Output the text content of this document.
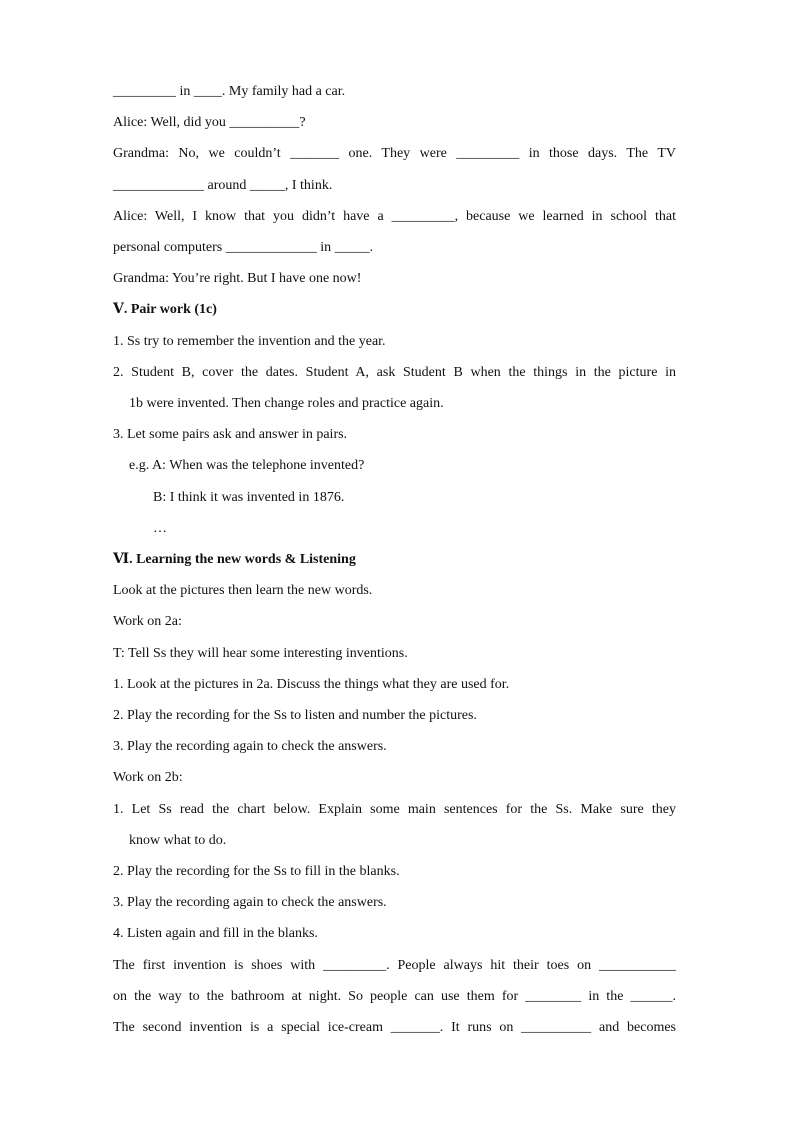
_________ in ____. My family had a car.
Alice: Well, did you __________?
Grandma: No, we couldn’t _______ one. They were _________ in those days. The TV
_____________ around _____, I think.
Alice: Well, I know that you didn’t have a _________, because we learned in school that
personal computers _____________ in _____.
Grandma: You’re right. But I have one now!
Ⅴ. Pair work (1c)
1. Ss try to remember the invention and the year.
2. Student B, cover the dates. Student A, ask Student B when the things in the picture in
1b were invented. Then change roles and practice again.
3. Let some pairs ask and answer in pairs.
e.g. A: When was the telephone invented?
B: I think it was invented in 1876.
…
Ⅵ. Learning the new words & Listening
Look at the pictures then learn the new words.
Work on 2a:
T: Tell Ss they will hear some interesting inventions.
1. Look at the pictures in 2a. Discuss the things what they are used for.
2. Play the recording for the Ss to listen and number the pictures.
3. Play the recording again to check the answers.
Work on 2b:
1. Let Ss read the chart below. Explain some main sentences for the Ss. Make sure they
know what to do.
2. Play the recording for the Ss to fill in the blanks.
3. Play the recording again to check the answers.
4. Listen again and fill in the blanks.
The first invention is shoes with _________. People always hit their toes on ___________
on the way to the bathroom at night. So people can use them for ________ in the ______.
The second invention is a special ice-cream _______. It runs on __________ and becomes
